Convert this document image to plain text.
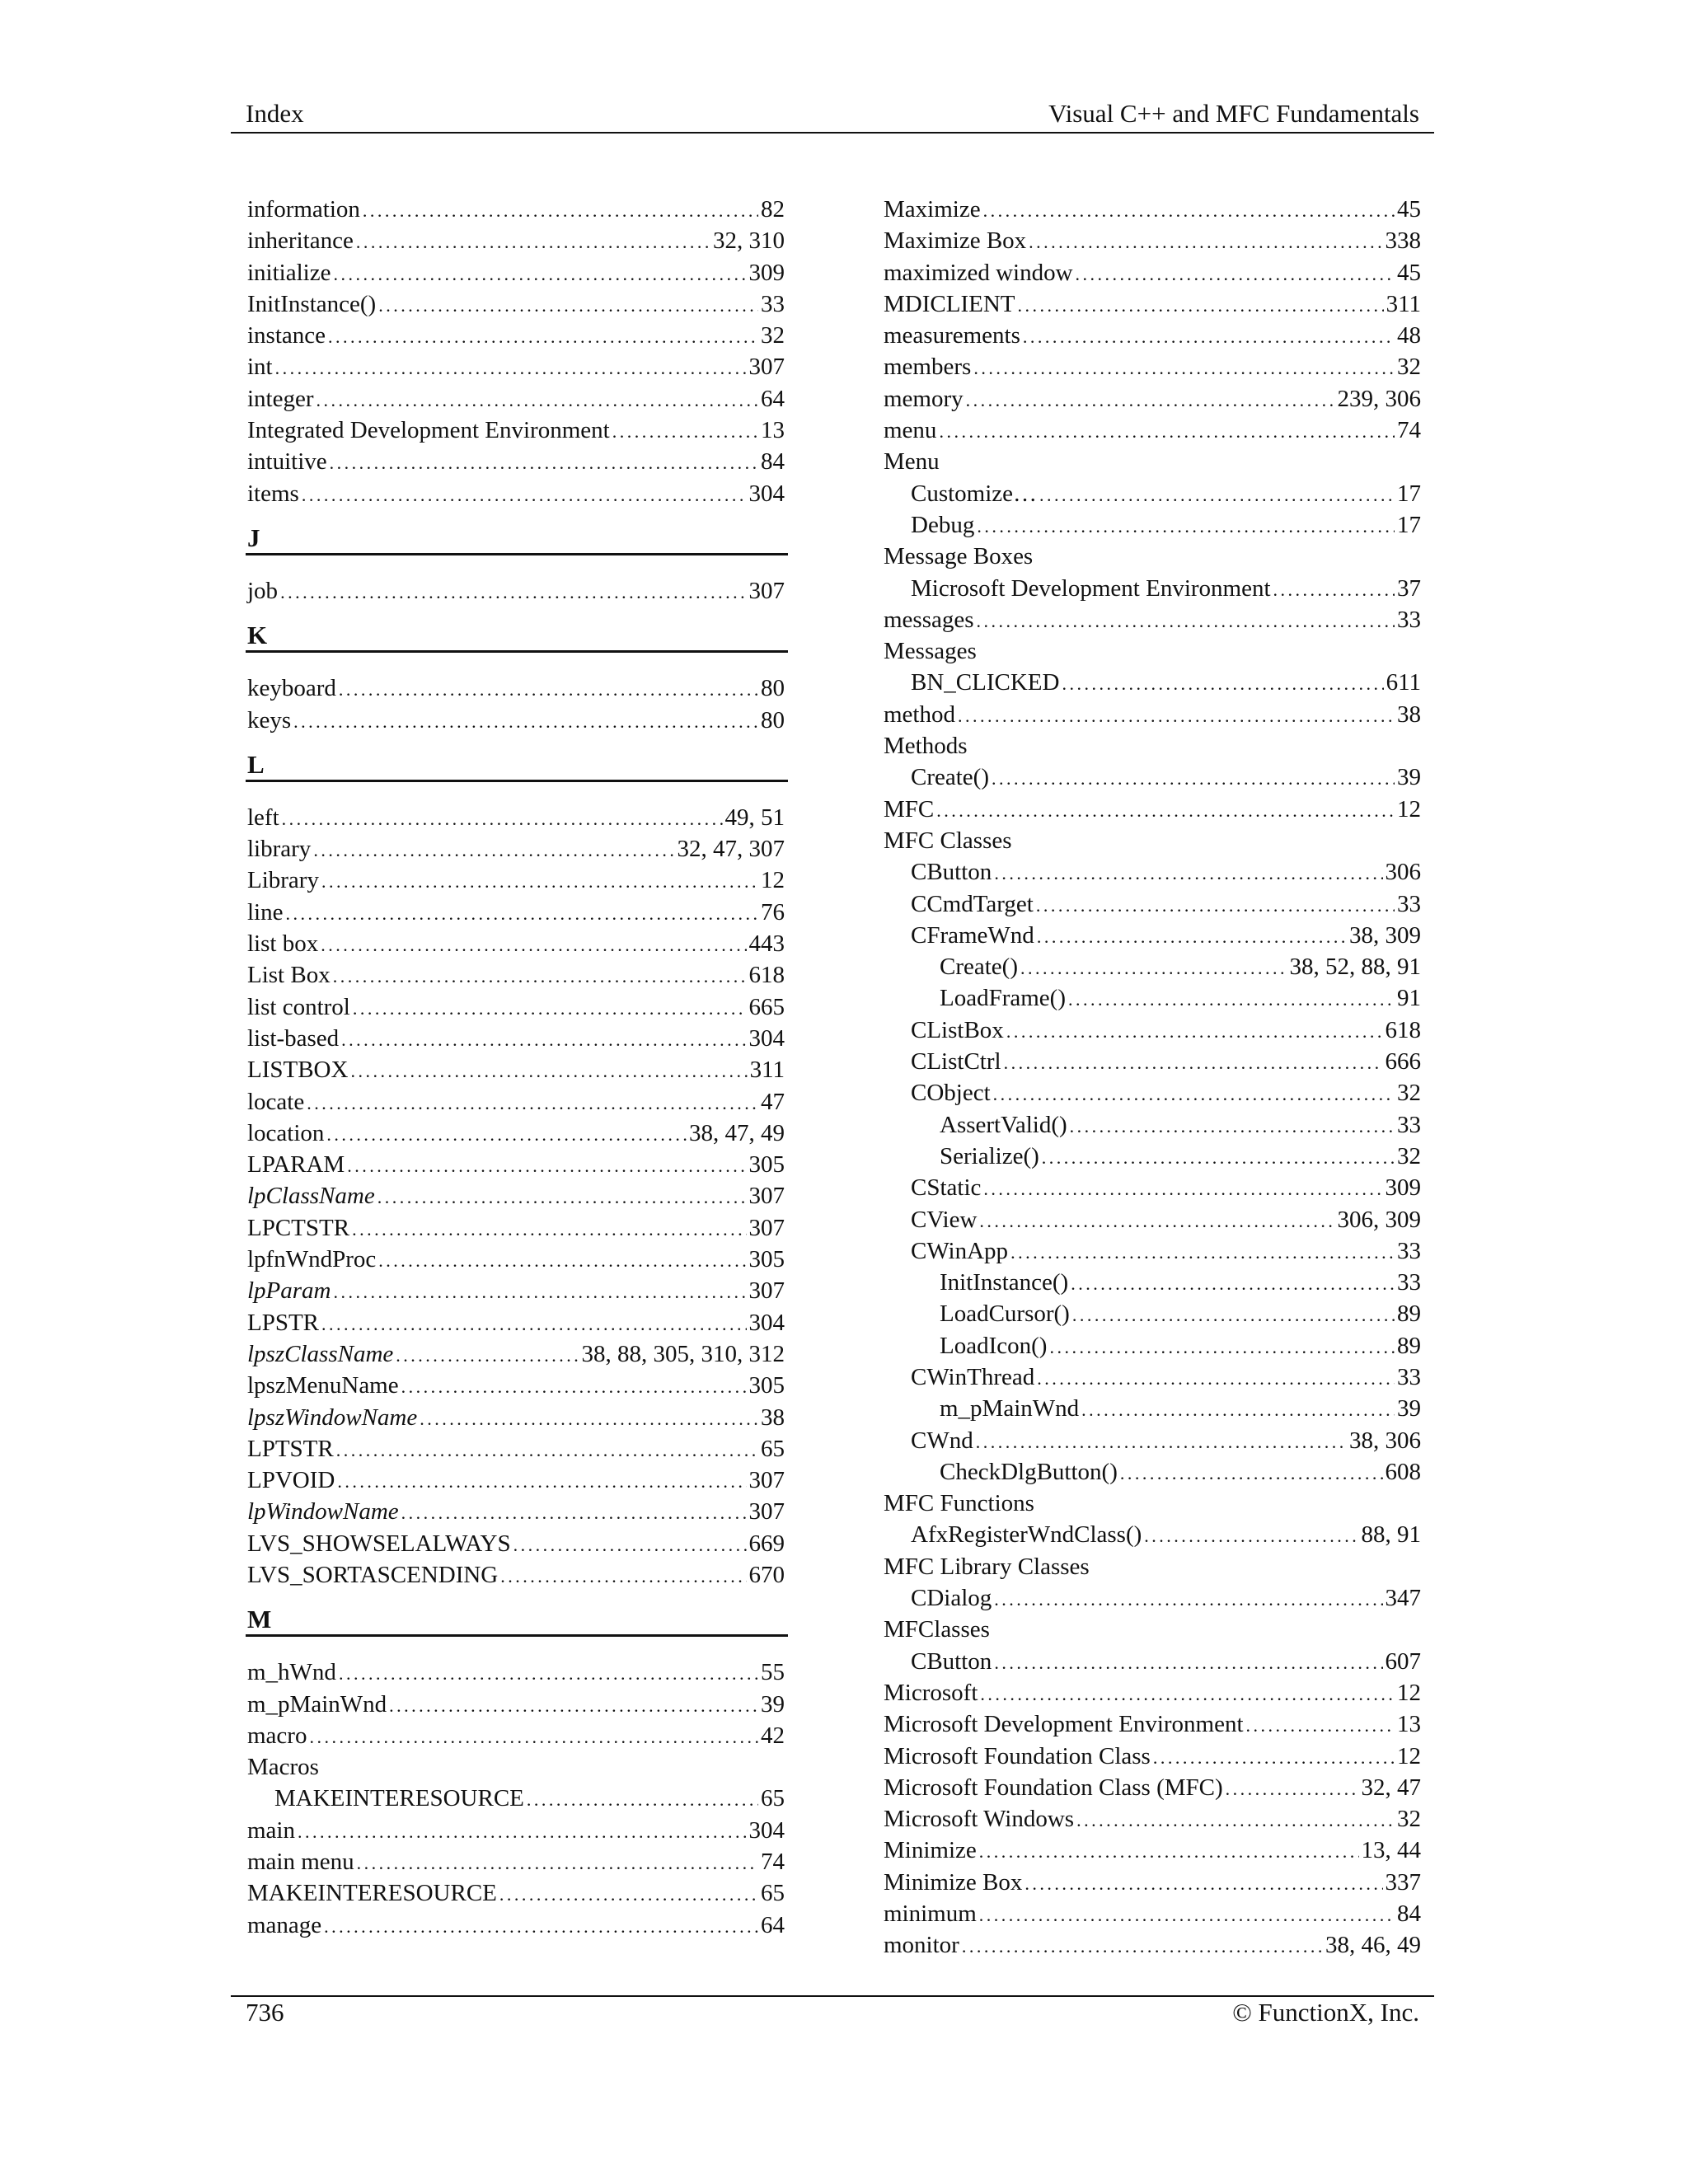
Index	Visual C++ and MFC Fundamentals
information . . .	82
inheritance . . .	32, 310
initialize . . .	309
InitInstance() . . .	33
instance . . .	32
int . . .	307
integer . . .	64
Integrated Development Environment . . .	13
intuitive . . .	84
items . . .	304
J
job . . .	307
K
keyboard . . .	80
keys . . .	80
L
left . . .	49, 51
library . . .	32, 47, 307
Library . . .	12
line . . .	76
list box . . .	443
List Box . . .	618
list control . . .	665
list-based . . .	304
LISTBOX . . .	311
locate . . .	47
location . . .	38, 47, 49
LPARAM . . .	305
lpClassName . . .	307
LPCTSTR . . .	307
lpfnWndProc . . .	305
lpParam . . .	307
LPSTR . . .	304
lpszClassName . . .	38, 88, 305, 310, 312
lpszMenuName . . .	305
lpszWindowName . . .	38
LPTSTR . . .	65
LPVOID . . .	307
lpWindowName . . .	307
LVS_SHOWSELALWAYS . . .	669
LVS_SORTASCENDING . . .	670
M
m_hWnd . . .	55
m_pMainWnd . . .	39
macro . . .	42
Macros
MAKEINTERESOURCE . . .	65
main . . .	304
main menu . . .	74
MAKEINTERESOURCE . . .	65
manage . . .	64
Maximize . . .	45
Maximize Box . . .	338
maximized window . . .	45
MDICLIENT . . .	311
measurements . . .	48
members . . .	32
memory . . .	239, 306
menu . . .	74
Menu
Customize… . . .	17
Debug . . .	17
Message Boxes
Microsoft Development Environment . . .	37
messages . . .	33
Messages
BN_CLICKED . . .	611
method . . .	38
Methods
Create() . . .	39
MFC . . .	12
MFC Classes
CButton . . .	306
CCmdTarget . . .	33
CFrameWnd . . .	38, 309
Create() . . .	38, 52, 88, 91
LoadFrame() . . .	91
CListBox . . .	618
CListCtrl . . .	666
CObject . . .	32
AssertValid() . . .	33
Serialize() . . .	32
CStatic . . .	309
CView . . .	306, 309
CWinApp . . .	33
InitInstance() . . .	33
LoadCursor() . . .	89
LoadIcon() . . .	89
CWinThread . . .	33
m_pMainWnd . . .	39
CWnd . . .	38, 306
CheckDlgButton() . . .	608
MFC Functions
AfxRegisterWndClass() . . .	88, 91
MFC Library Classes
CDialog . . .	347
MFClasses
CButton . . .	607
Microsoft . . .	12
Microsoft Development Environment . . .	13
Microsoft Foundation Class . . .	12
Microsoft Foundation Class (MFC) . . .	32, 47
Microsoft Windows . . .	32
Minimize . . .	13, 44
Minimize Box . . .	337
minimum . . .	84
monitor . . .	38, 46, 49
736	© FunctionX, Inc.
